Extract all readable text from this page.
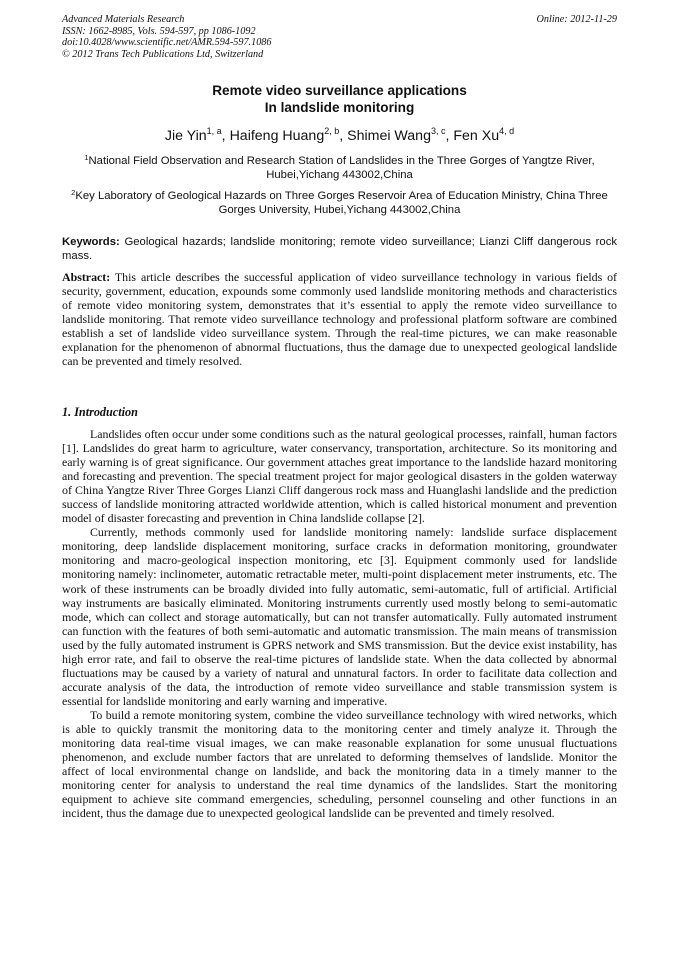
Advanced Materials Research
ISSN: 1662-8985, Vols. 594-597, pp 1086-1092
doi:10.4028/www.scientific.net/AMR.594-597.1086
© 2012 Trans Tech Publications Ltd, Switzerland
Online: 2012-11-29
Remote video surveillance applications
In landslide monitoring
Jie Yin$^{1, a}$, Haifeng Huang$^{2, b}$, Shimei Wang$^{3, c}$, Fen Xu$^{4, d}$
$^1$National Field Observation and Research Station of Landslides in the Three Gorges of Yangtze River, Hubei,Yichang 443002,China
$^2$Key Laboratory of Geological Hazards on Three Gorges Reservoir Area of Education Ministry, China Three Gorges University, Hubei,Yichang 443002,China
Keywords: Geological hazards; landslide monitoring; remote video surveillance; Lianzi Cliff dangerous rock mass.
Abstract: This article describes the successful application of video surveillance technology in various fields of security, government, education, expounds some commonly used landslide monitoring methods and characteristics of remote video monitoring system, demonstrates that it’s essential to apply the remote video surveillance to landslide monitoring. That remote video surveillance technology and professional platform software are combined establish a set of landslide video surveillance system. Through the real-time pictures, we can make reasonable explanation for the phenomenon of abnormal fluctuations, thus the damage due to unexpected geological landslide can be prevented and timely resolved.
1. Introduction

Landslides often occur under some conditions such as the natural geological processes, rainfall, human factors [1]. Landslides do great harm to agriculture, water conservancy, transportation, architecture. So its monitoring and early warning is of great significance. Our government attaches great importance to the landslide hazard monitoring and forecasting and prevention. The special treatment project for major geological disasters in the golden waterway of China Yangtze River Three Gorges Lianzi Cliff dangerous rock mass and Huanglashi landslide and the prediction success of landslide monitoring attracted worldwide attention, which is called historical monument and prevention model of disaster forecasting and prevention in China landslide collapse [2].

Currently, methods commonly used for landslide monitoring namely: landslide surface displacement monitoring, deep landslide displacement monitoring, surface cracks in deformation monitoring, groundwater monitoring and macro-geological inspection monitoring, etc [3]. Equipment commonly used for landslide monitoring namely: inclinometer, automatic retractable meter, multi-point displacement meter instruments, etc. The work of these instruments can be broadly divided into fully automatic, semi-automatic, full of artificial. Artificial way instruments are basically eliminated. Monitoring instruments currently used mostly belong to semi-automatic mode, which can collect and storage automatically, but can not transfer automatically. Fully automated instrument can function with the features of both semi-automatic and automatic transmission. The main means of transmission used by the fully automated instrument is GPRS network and SMS transmission. But the device exist instability, has high error rate, and fail to observe the real-time pictures of landslide state. When the data collected by abnormal fluctuations may be caused by a variety of natural and unnatural factors. In order to facilitate data collection and accurate analysis of the data, the introduction of remote video surveillance and stable transmission system is essential for landslide monitoring and early warning and imperative.

To build a remote monitoring system, combine the video surveillance technology with wired networks, which is able to quickly transmit the monitoring data to the monitoring center and timely analyze it. Through the monitoring data real-time visual images, we can make reasonable explanation for some unusual fluctuations phenomenon, and exclude number factors that are unrelated to deforming themselves of landslide. Monitor the affect of local environmental change on landslide, and back the monitoring data in a timely manner to the monitoring center for analysis to understand the real time dynamics of the landslides. Start the monitoring equipment to achieve site command emergencies, scheduling, personnel counseling and other functions in an incident, thus the damage due to unexpected geological landslide can be prevented and timely resolved.
